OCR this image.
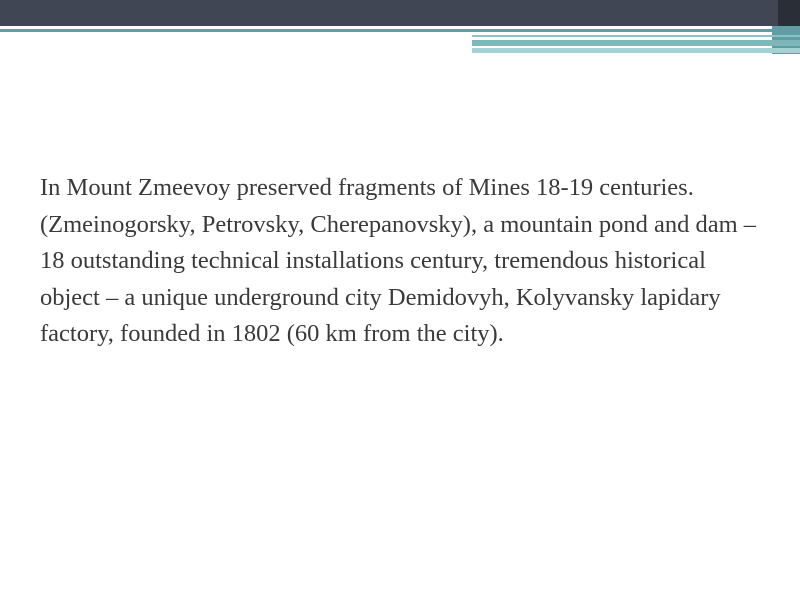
In Mount Zmeevoy preserved fragments of Mines 18-19 centuries. (Zmeinogorsky, Petrovsky, Cherepanovsky), a mountain pond and dam – 18 outstanding technical installations century, tremendous historical object – a unique underground city Demidovyh, Kolyvansky lapidary factory, founded in 1802 (60 km from the city).
